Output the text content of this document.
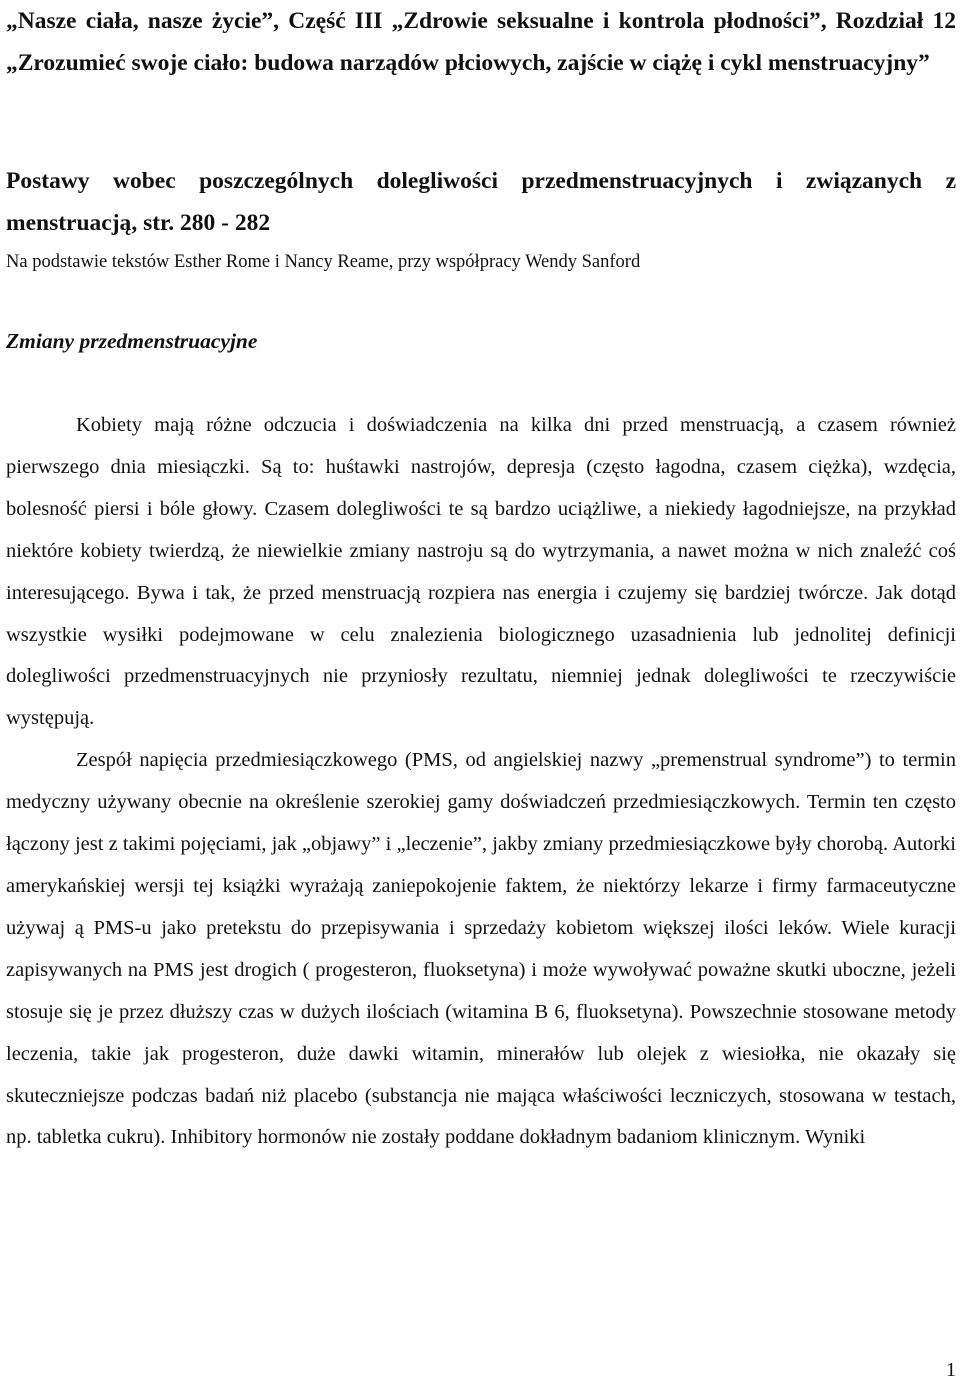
„Nasze ciała, nasze życie”, Część III „Zdrowie seksualne i kontrola płodności”, Rozdział 12 „Zrozumieć swoje ciało: budowa narządów płciowych, zajście w ciążę i cykl menstruacyjny”
Postawy wobec poszczególnych dolegliwości przedmenstruacyjnych i związanych z menstruacją, str. 280 - 282

Na podstawie tekstów Esther Rome i Nancy Reame, przy współpracy Wendy Sanford

Zmiany przedmenstruacyjne

Kobiety mają różne odczucia i doświadczenia na kilka dni przed menstruacją, a czasem również pierwszego dnia miesiączki. Są to: huśtawki nastrojów, depresja (często łagodna, czasem ciężka), wzdęcia, bolesność piersi i bóle głowy. Czasem dolegliwości te są bardzo uciążliwe, a niekiedy łagodniejsze, na przykład niektóre kobiety twierdzą, że niewielkie zmiany nastroju są do wytrzymania, a nawet można w nich znaleźć coś interesującego. Bywa i tak, że przed menstruacją rozpiera nas energia i czujemy się bardziej twórcze. Jak dotąd wszystkie wysiłki podejmowane w celu znalezienia biologicznego uzasadnienia lub jednolitej definicji dolegliwości przedmenstruacyjnych nie przyniosły rezultatu, niemniej jednak dolegliwości te rzeczywiście występują.

Zespół napięcia przedmiesiączkowego (PMS, od angielskiej nazwy „premenstrual syndrome”) to termin medyczny używany obecnie na określenie szerokiej gamy doświadczeń przedmiesiączkowych. Termin ten często łączony jest z takimi pojęciami, jak „objawy” i „leczenie”, jakby zmiany przedmiesiączkowe były chorobą. Autorki amerykańskiej wersji tej książki wyrażają zaniepokojenie faktem, że niektórzy lekarze i firmy farmaceutyczne używaj ą PMS-u jako pretekstu do przepisywania i sprzedaży kobietom większej ilości leków. Wiele kuracji zapisywanych na PMS jest drogich ( progesteron, fluoksetyna) i może wywoływać poważne skutki uboczne, jeżeli stosuje się je przez dłuższy czas w dużych ilościach (witamina B 6, fluoksetyna). Powszechnie stosowane metody leczenia, takie jak progesteron, duże dawki witamin, minerałów lub olejek z wiesiołka, nie okazały się skuteczniejsze podczas badań niż placebo (substancja nie mająca właściwości leczniczych, stosowana w testach, np. tabletka cukru). Inhibitory hormonów nie zostały poddane dokładnym badaniom klinicznym. Wyniki

1
